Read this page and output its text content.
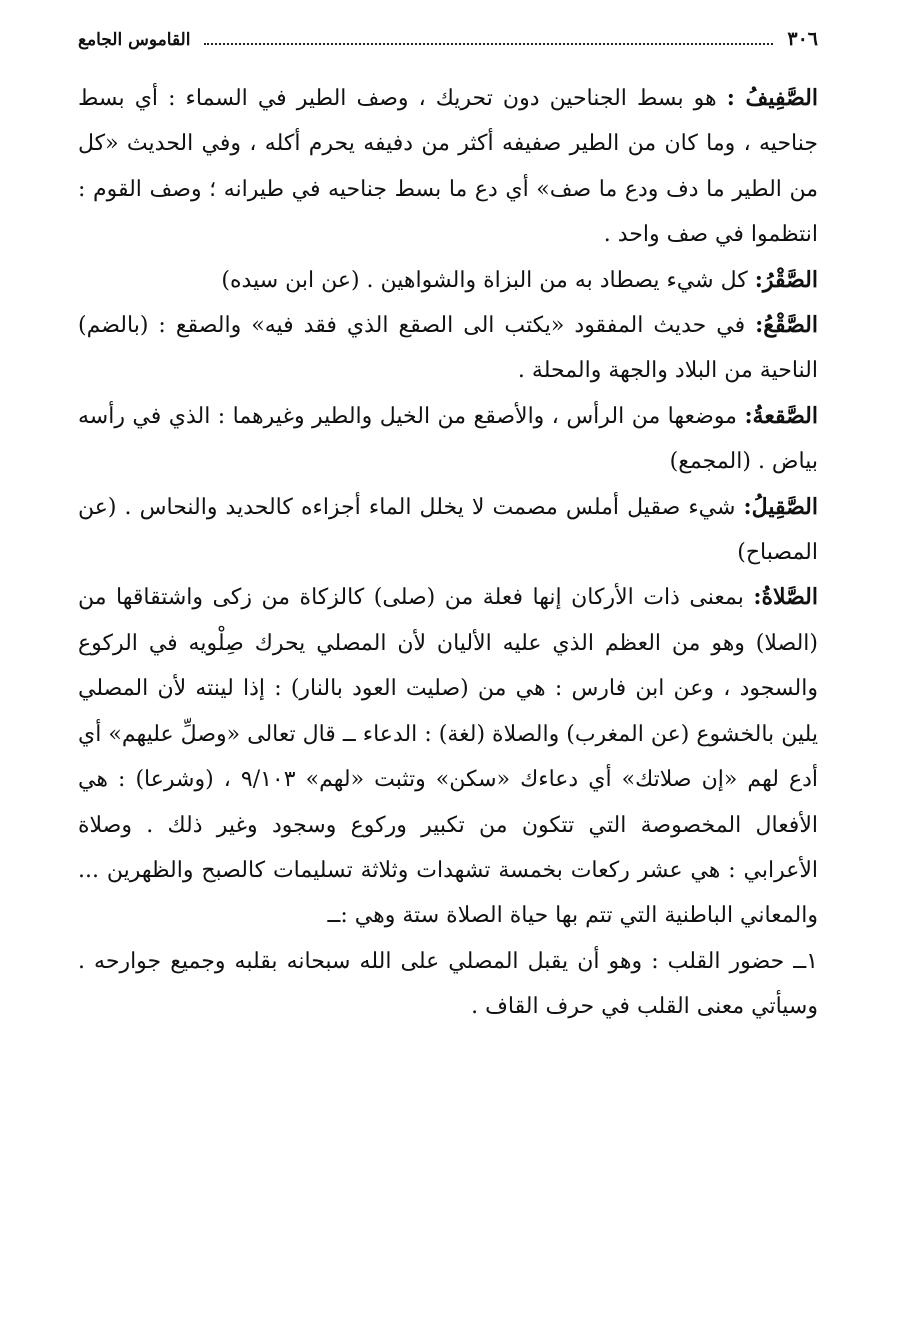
٣٠٦
القاموس الجامع

الصَّفِيفُ : هو بسط الجناحين دون تحريك ، وصف الطير في السماء : أي بسط جناحيه ، وما كان من الطير صفيفه أكثر من دفيفه يحرم أكله ، وفي الحديث «كل من الطير ما دف ودع ما صف» أي دع ما بسط جناحيه في طيرانه ؛ وصف القوم : انتظموا في صف واحد .

الصَّقْرُ: كل شيء يصطاد به من البزاة والشواهين . (عن ابن سيده)

الصَّقْعُ: في حديث المفقود «يكتب الى الصقع الذي فقد فيه» والصقع : (بالضم) الناحية من البلاد والجهة والمحلة .

الصَّقعةُ: موضعها من الرأس ، والأصقع من الخيل والطير وغيرهما : الذي في رأسه بياض . (المجمع)

الصَّقِيلُ: شيء صقيل أملس مصمت لا يخلل الماء أجزاءه كالحديد والنحاس . (عن المصباح)

الصَّلاةُ: بمعنى ذات الأركان إنها فعلة من (صلى) كالزكاة من زكى واشتقاقها من (الصلا) وهو من العظم الذي عليه الأليان لأن المصلي يحرك صِلْويه في الركوع والسجود ، وعن ابن فارس : هي من (صليت العود بالنار) : إذا لينته لأن المصلي يلين بالخشوع (عن المغرب) والصلاة (لغة) : الدعاء ــ قال تعالى «وصلِّ عليهم» أي أدع لهم «إن صلاتك» أي دعاءك «سكن» وتثبت «لهم» ٩/١٠٣ ، (وشرعا) : هي الأفعال المخصوصة التي تتكون من تكبير وركوع وسجود وغير ذلك . وصلاة الأعرابي : هي عشر ركعات بخمسة تشهدات وثلاثة تسليمات كالصبح والظهرين ... والمعاني الباطنية التي تتم بها حياة الصلاة ستة وهي :ــ

١ــ حضور القلب : وهو أن يقبل المصلي على الله سبحانه بقلبه وجميع جوارحه . وسيأتي معنى القلب في حرف القاف .
